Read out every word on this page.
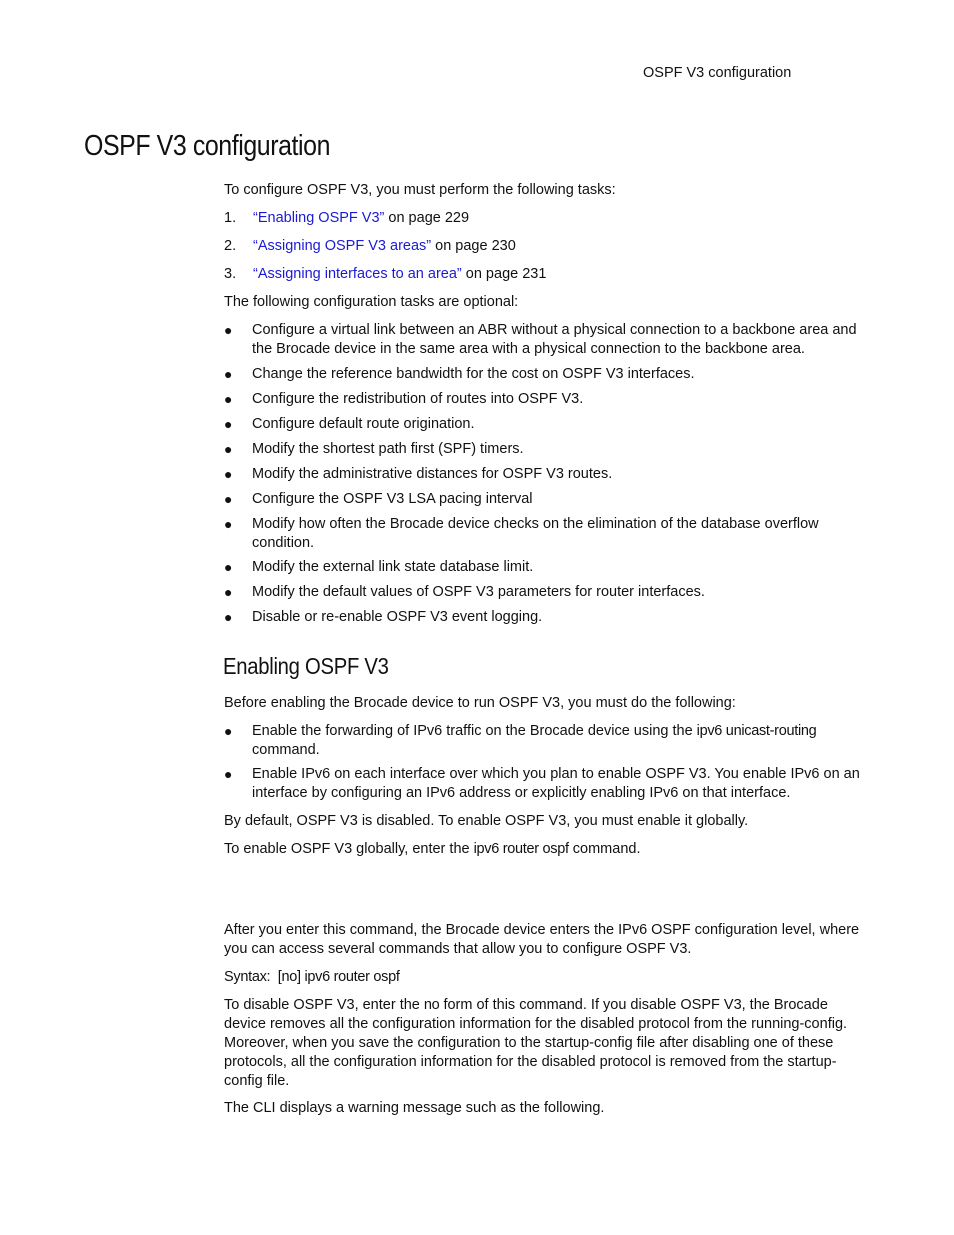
OSPF V3 configuration
OSPF V3 configuration

To configure OSPF V3, you must perform the following tasks:

1. “Enabling OSPF V3” on page 229
2. “Assigning OSPF V3 areas” on page 230
3. “Assigning interfaces to an area” on page 231

The following configuration tasks are optional:

● Configure a virtual link between an ABR without a physical connection to a backbone area and the Brocade device in the same area with a physical connection to the backbone area.
● Change the reference bandwidth for the cost on OSPF V3 interfaces.
● Configure the redistribution of routes into OSPF V3.
● Configure default route origination.
● Modify the shortest path first (SPF) timers.
● Modify the administrative distances for OSPF V3 routes.
● Configure the OSPF V3 LSA pacing interval
● Modify how often the Brocade device checks on the elimination of the database overflow condition.
● Modify the external link state database limit.
● Modify the default values of OSPF V3 parameters for router interfaces.
● Disable or re-enable OSPF V3 event logging.
Enabling OSPF V3

Before enabling the Brocade device to run OSPF V3, you must do the following:

● Enable the forwarding of IPv6 traffic on the Brocade device using the ipv6 unicast-routing
command.
● Enable IPv6 on each interface over which you plan to enable OSPF V3. You enable IPv6 on an interface by configuring an IPv6 address or explicitly enabling IPv6 on that interface.

By default, OSPF V3 is disabled. To enable OSPF V3, you must enable it globally.

To enable OSPF V3 globally, enter the ipv6 router ospf command.

After you enter this command, the Brocade device enters the IPv6 OSPF configuration level, where you can access several commands that allow you to configure OSPF V3.

Syntax: [no] ipv6 router ospf

To disable OSPF V3, enter the no form of this command. If you disable OSPF V3, the Brocade device removes all the configuration information for the disabled protocol from the running-config. Moreover, when you save the configuration to the startup-config file after disabling one of these protocols, all the configuration information for the disabled protocol is removed from the startup-config file.

The CLI displays a warning message such as the following.
